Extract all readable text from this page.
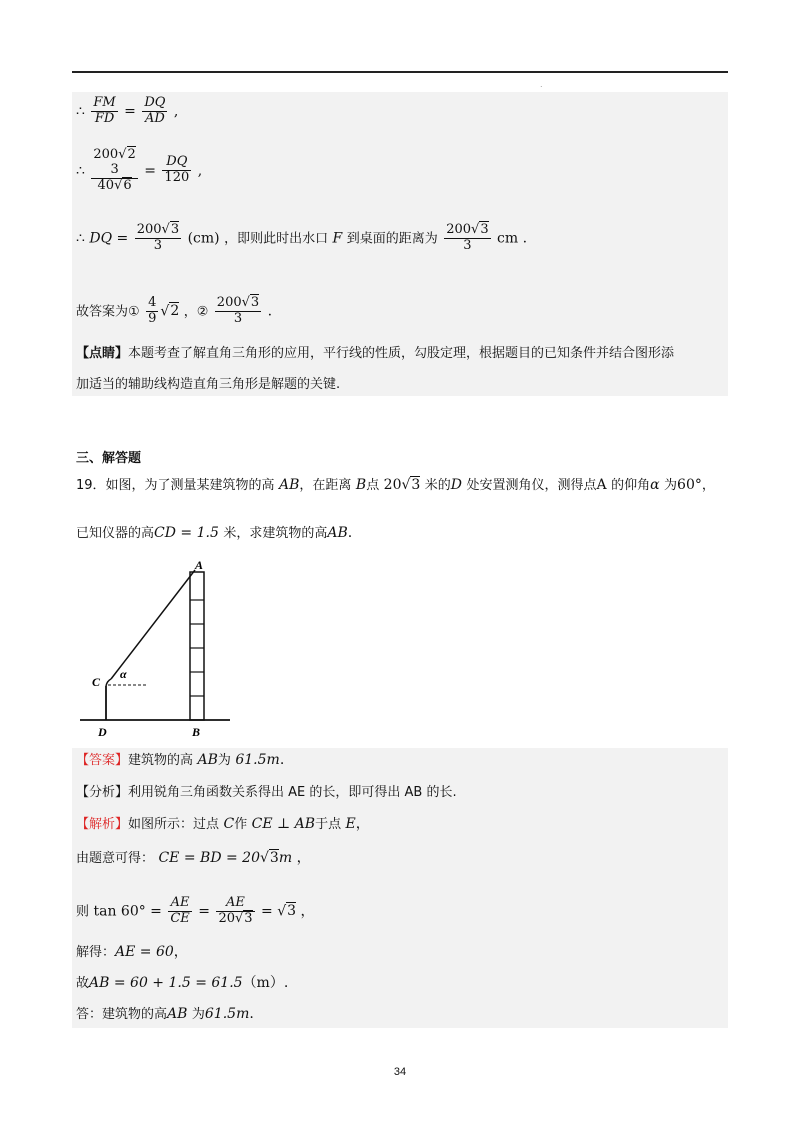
.
∴ $\frac{FM}{FD} = \frac{DQ}{AD}$ ,
∴
200√2
3
40√6
= $\frac{DQ}{120}$ ,
∴ DQ = $\frac{200√3}{3} (cm)$ ，即则此时出水口 F 到桌面的距离为 $\frac{200√3}{3}$ cm .
故答案为① $\frac{4}{9} √2$ ，② $\frac{200√3}{3}$ .
【点睛】本题考查了解直角三角形的应用，平行线的性质，勾股定理，根据题目的已知条件并结合图形添
加适当的辅助线构造直角三角形是解题的关键.
三、解答题
19．如图，为了测量某建筑物的高 AB，在距离 B点 20√3 米的D 处安置测角仪，测得点A 的仰角α 为60°，
已知仪器的高CD = 1.5 米，求建筑物的高AB.
A
B
C
D
α
【答案】建筑物的高 AB为 61.5m.
【分析】利用锐角三角函数关系得出 AE 的长，即可得出 AB 的长.
【解析】如图所示：过点 C作 CE ⊥ AB于点 E，
由题意可得： CE = BD = 20√3m ，
则 $\tan 60^\circ = \frac{AE}{CE} = \frac{AE}{20√3} = √3$ ，
解得：AE = 60，
故AB = 60 + 1.5 = 61.5（m）.
答：建筑物的高AB 为61.5m.
34
